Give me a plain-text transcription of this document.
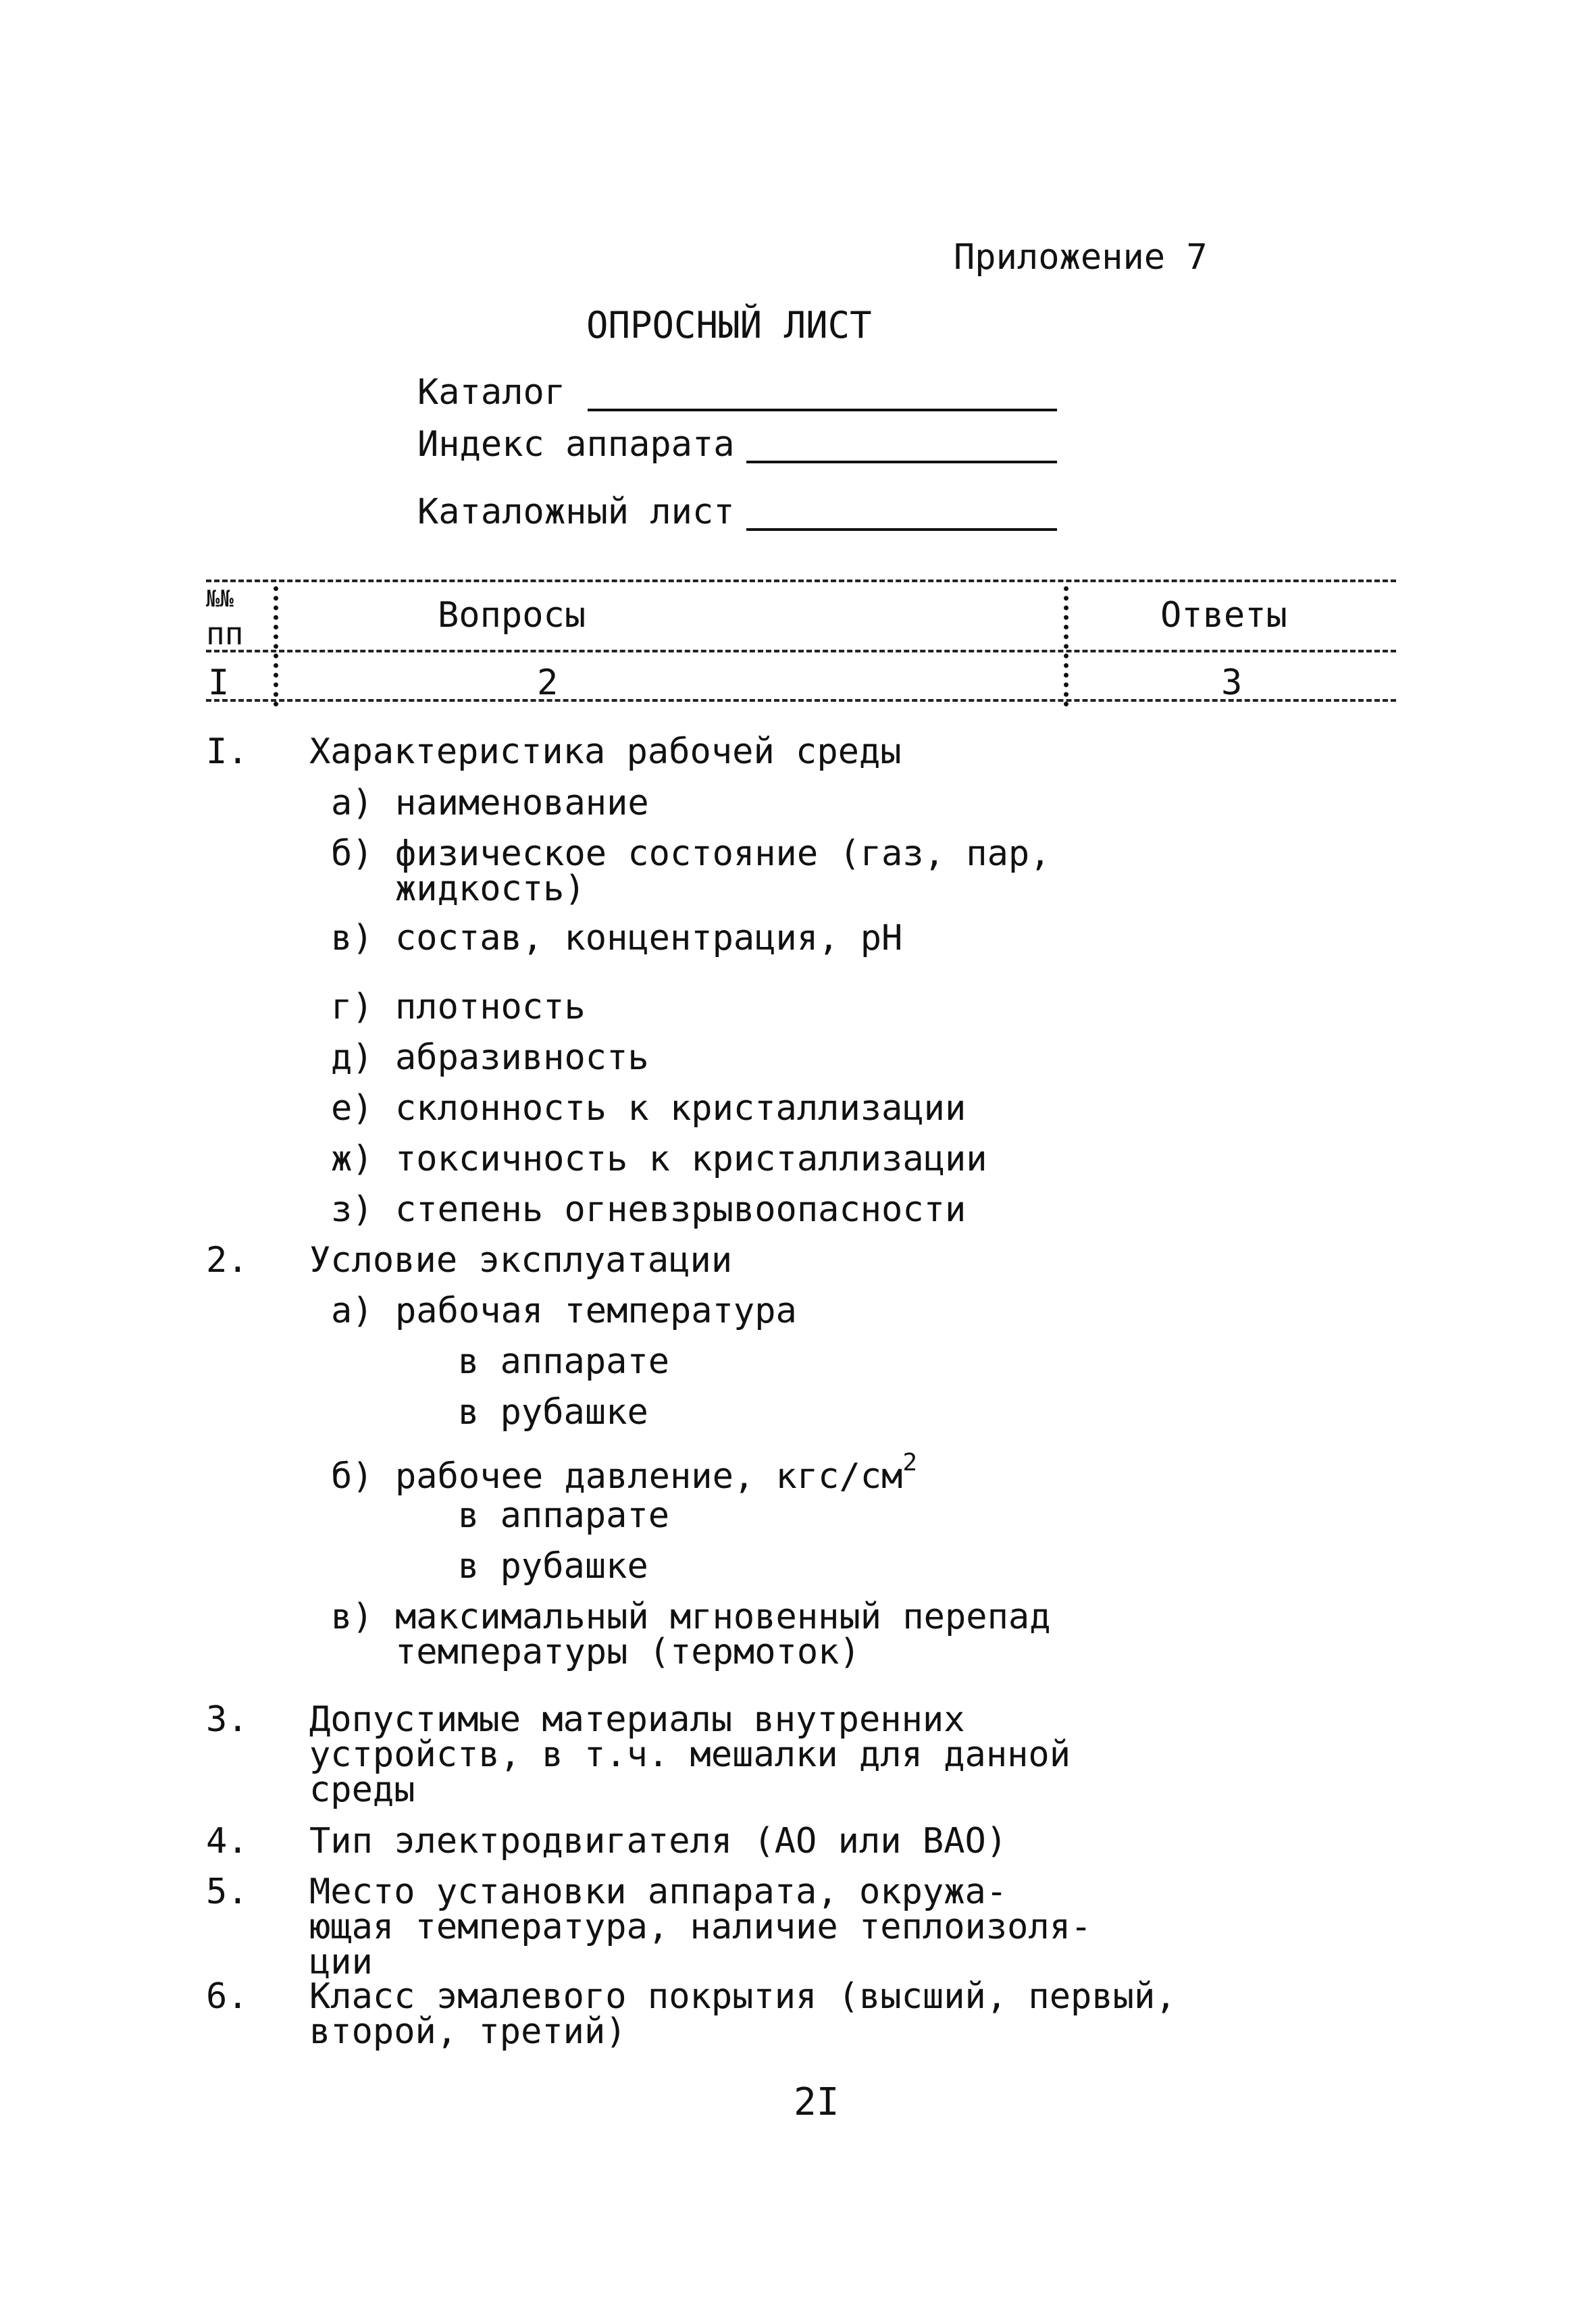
Приложение 7
ОПРОСНЫЙ ЛИСТ
Каталог
Индекс аппарата
Каталожный лист
№№
пп	Вопросы	Ответы
I	2	3
I. Характеристика рабочей среды
а) наименование
б) физическое состояние (газ, пар,
жидкость)
в) состав, концентрация, рН
г) плотность
д) абразивность
е) склонность к кристаллизации
ж) токсичность к кристаллизации
з) степень огневзрывоопасности
2. Условие эксплуатации
а) рабочая температура
в аппарате
в рубашке
б) рабочее давление, кгс/$см^2$
в аппарате
в рубашке
в) максимальный мгновенный перепад
температуры (термоток)
3. Допустимые материалы внутренних
устройств, в т.ч. мешалки для данной
среды
4. Тип электродвигателя (АО или ВАО)
5. Место установки аппарата, окружа-
ющая температура, наличие теплоизоля-
ции
6. Класс эмалевого покрытия (высший, первый,
второй, третий)
2I
